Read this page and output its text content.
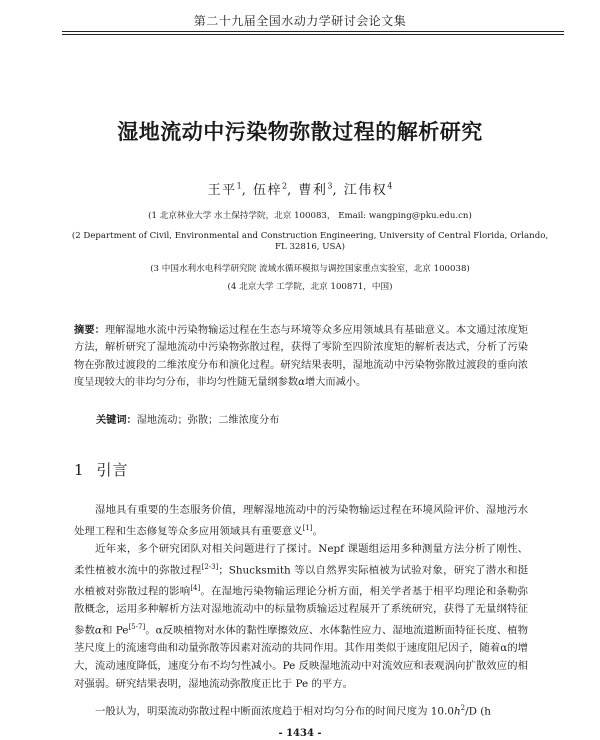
第二十九届全国水动力学研讨会论文集
湿地流动中污染物弥散过程的解析研究
王平$^1$, 伍梓$^2$, 曹利$^3$, 江伟权$^4$
(1 北京林业大学 水土保持学院，北京 100083， Email: wangping@pku.edu.cn)
(2 Department of Civil, Environmental and Construction Engineering, University of Central Florida, Orlando, FL 32816, USA)
(3 中国水利水电科学研究院 流域水循环模拟与调控国家重点实验室，北京 100038)
(4 北京大学 工学院，北京 100871，中国)
摘要：理解湿地水流中污染物输运过程在生态与环境等众多应用领域具有基础意义。本文通过浓度矩方法，解析研究了湿地流动中污染物弥散过程，获得了零阶至四阶浓度矩的解析表达式，分析了污染物在弥散过渡段的二维浓度分布和演化过程。研究结果表明，湿地流动中污染物弥散过渡段的垂向浓度呈现较大的非均匀分布，非均匀性随无量纲参数α增大而减小。
关键词：湿地流动；弥散；二维浓度分布
1 引言
湿地具有重要的生态服务价值，理解湿地流动中的污染物输运过程在环境风险评价、湿地污水处理工程和生态修复等众多应用领域具有重要意义[1]。
近年来，多个研究团队对相关问题进行了探讨。Nepf 课题组运用多种测量方法分析了刚性、柔性植被水流中的弥散过程[2-3]；Shucksmith 等以自然界实际植被为试验对象，研究了潜水和挺水植被对弥散过程的影响[4]。在湿地污染物输运理论分析方面，相关学者基于相平均理论和条勒弥散概念，运用多种解析方法对湿地流动中的标量物质输运过程展开了系统研究，获得了无量纲特征参数α和 Pe[5-7]。α反映植物对水体的黏性摩擦效应、水体黏性应力、湿地流道断面特征长度、植物茎尺度上的流速弯曲和动量弥散等因素对流动的共同作用。其作用类似于速度阻尼因子，随着α的增大，流动速度降低，速度分布不均匀性减小。Pe 反映湿地流动中对流效应和表观涡向扩散效应的相对强弱。研究结果表明，湿地流动弥散度正比于 Pe 的平方。
一般认为，明渠流动弥散过程中断面浓度趋于相对均匀分布的时间尺度为 $10.0h^2/D$ (h
- 1434 -
